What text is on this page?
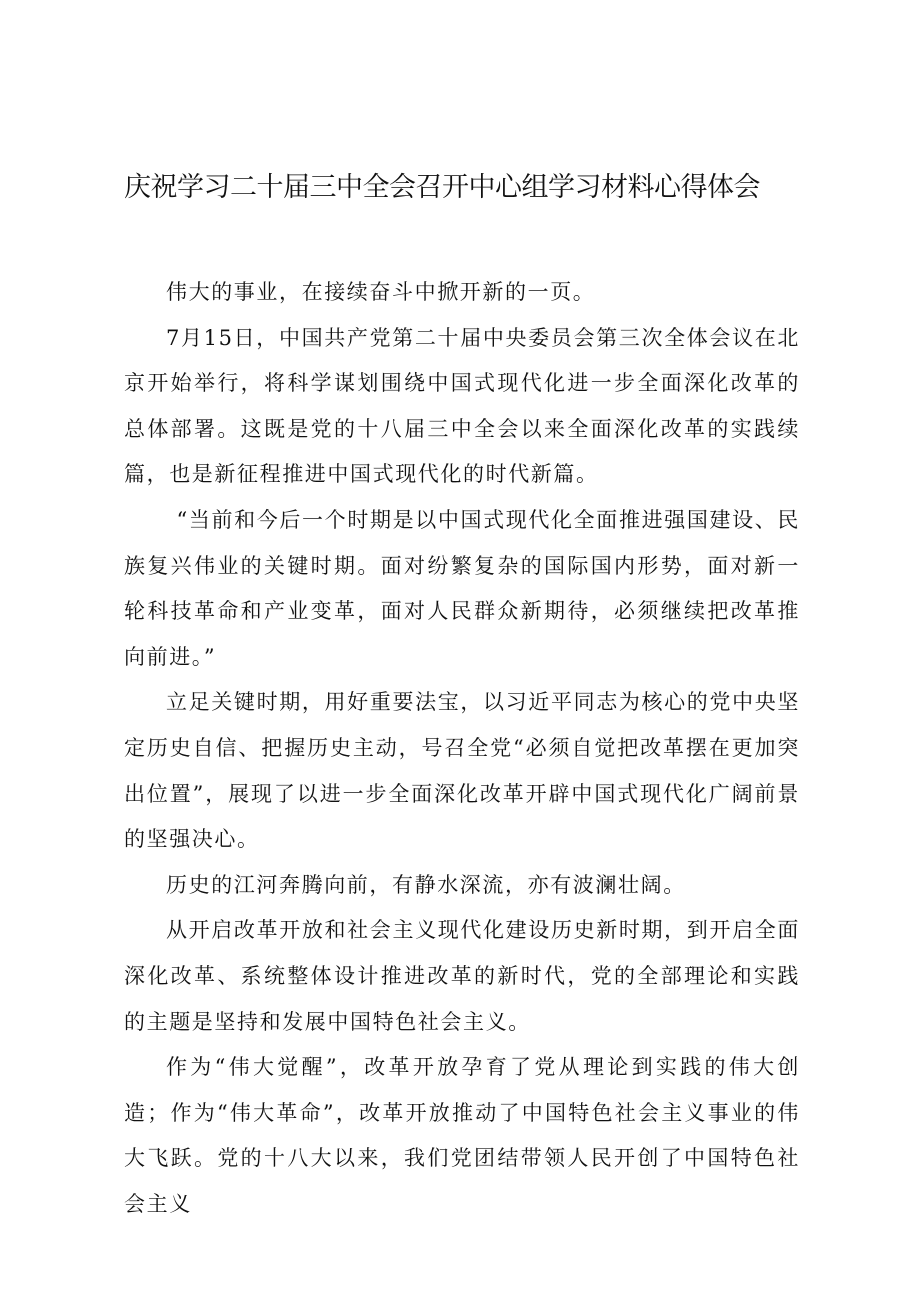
庆祝学习二十届三中全会召开中心组学习材料心得体会

伟大的事业，在接续奋斗中掀开新的一页。

7月15日，中国共产党第二十届中央委员会第三次全体会议在北京开始举行，将科学谋划围绕中国式现代化进一步全面深化改革的总体部署。这既是党的十八届三中全会以来全面深化改革的实践续篇，也是新征程推进中国式现代化的时代新篇。

“当前和今后一个时期是以中国式现代化全面推进强国建设、民族复兴伟业的关键时期。面对纷繁复杂的国际国内形势，面对新一轮科技革命和产业变革，面对人民群众新期待，必须继续把改革推向前进。”

立足关键时期，用好重要法宝，以习近平同志为核心的党中央坚定历史自信、把握历史主动，号召全党“必须自觉把改革摆在更加突出位置”，展现了以进一步全面深化改革开辟中国式现代化广阔前景的坚强决心。

历史的江河奔腾向前，有静水深流，亦有波澜壮阔。

从开启改革开放和社会主义现代化建设历史新时期，到开启全面深化改革、系统整体设计推进改革的新时代，党的全部理论和实践的主题是坚持和发展中国特色社会主义。

作为“伟大觉醒”，改革开放孕育了党从理论到实践的伟大创造；作为“伟大革命”，改革开放推动了中国特色社会主义事业的伟大飞跃。党的十八大以来，我们党团结带领人民开创了中国特色社会主义
